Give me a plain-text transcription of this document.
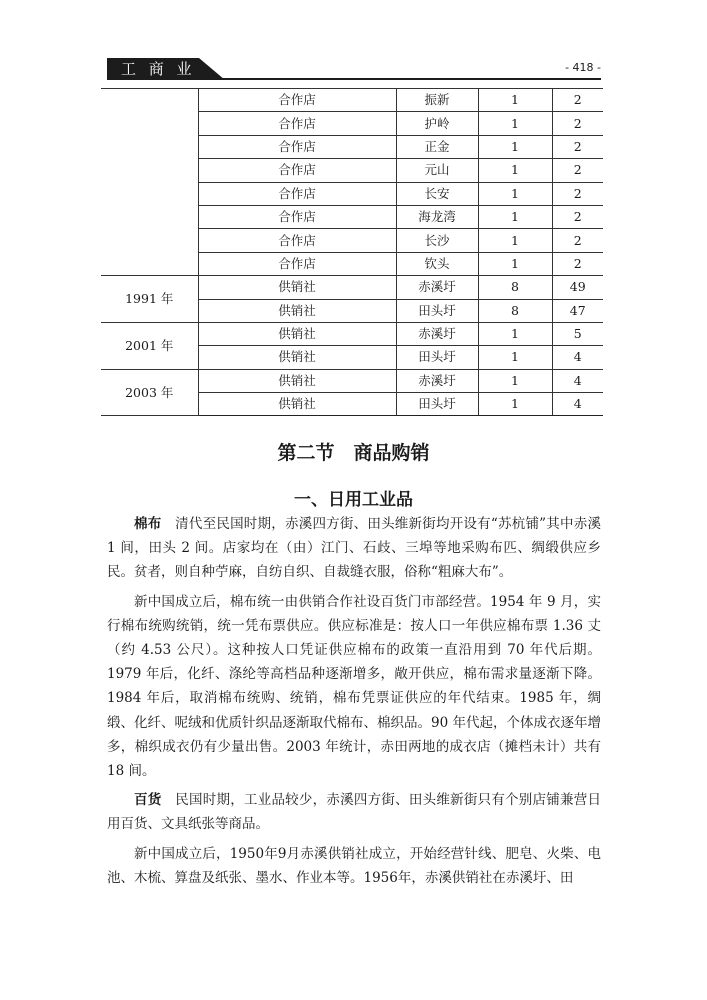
工 商 业	- 418 -
	合作店	振新	1	2
	合作店	护岭	1	2
	合作店	正金	1	2
	合作店	元山	1	2
	合作店	长安	1	2
	合作店	海龙湾	1	2
	合作店	长沙	1	2
	合作店	钦头	1	2
1991 年	供销社	赤溪圩	8	49
	供销社	田头圩	8	47
2001 年	供销社	赤溪圩	1	5
	供销社	田头圩	1	4
2003 年	供销社	赤溪圩	1	4
	供销社	田头圩	1	4
第二节　商品购销
一、日用工业品

棉布　清代至民国时期，赤溪四方街、田头维新街均开设有“苏杭铺”其中赤溪 1 间，田头 2 间。店家均在（由）江门、石歧、三埠等地采购布匹、绸缎供应乡民。贫者，则自种苧麻，自纺自织、自裁缝衣服，俗称“粗麻大布”。

新中国成立后，棉布统一由供销合作社设百货门市部经营。1954 年 9 月，实行棉布统购统销，统一凭布票供应。供应标准是：按人口一年供应棉布票 1.36 丈（约 4.53 公尺）。这种按人口凭证供应棉布的政策一直沿用到 70 年代后期。1979 年后，化纤、涤纶等高档品种逐渐增多，敞开供应，棉布需求量逐渐下降。1984 年后，取消棉布统购、统销，棉布凭票证供应的年代结束。1985 年，绸缎、化纤、呢绒和优质针织品逐渐取代棉布、棉织品。90 年代起，个体成衣逐年增多，棉织成衣仍有少量出售。2003 年统计，赤田两地的成衣店（摊档未计）共有 18 间。

百货　民国时期，工业品较少，赤溪四方街、田头维新街只有个别店铺兼营日用百货、文具纸张等商品。

新中国成立后，1950年9月赤溪供销社成立，开始经营针线、肥皂、火柴、电池、木梳、算盘及纸张、墨水、作业本等。1956年，赤溪供销社在赤溪圩、田
